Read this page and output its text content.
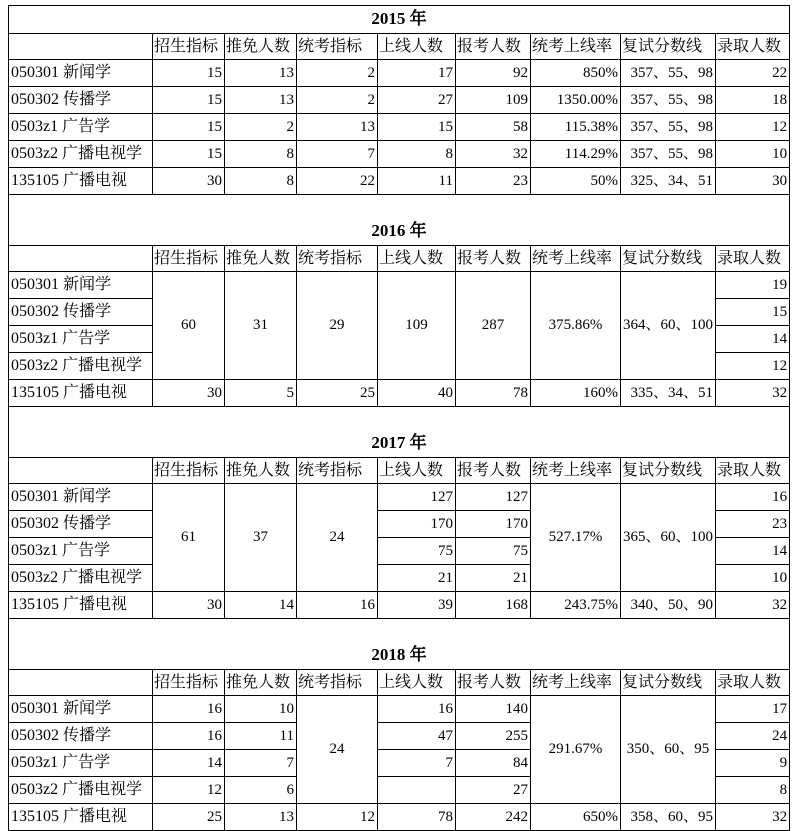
2015 年								
	招生指标	推免人数	统考指标	上线人数	报考人数	统考上线率	复试分数线	录取人数
050301 新闻学	15	13	2	17	92	850%	357、55、98	22
050302 传播学	15	13	2	27	109	1350.00%	357、55、98	18
0503z1 广告学	15	2	13	15	58	115.38%	357、55、98	12
0503z2 广播电视学	15	8	7	8	32	114.29%	357、55、98	10
135105 广播电视	30	8	22	11	23	50%	325、34、51	30
2016 年								
	招生指标	推免人数	统考指标	上线人数	报考人数	统考上线率	复试分数线	录取人数
050301 新闻学	60	31	29	109	287	375.86%	364、60、100	19
050302 传播学								15
0503z1 广告学								14
0503z2 广播电视学								12
135105 广播电视	30	5	25	40	78	160%	335、34、51	32
2017 年								
	招生指标	推免人数	统考指标	上线人数	报考人数	统考上线率	复试分数线	录取人数
050301 新闻学	61	37	24	127	127	527.17%	365、60、100	16
050302 传播学				170	170			23
0503z1 广告学				75	75			14
0503z2 广播电视学				21	21			10
135105 广播电视	30	14	16	39	168	243.75%	340、50、90	32
2018 年								
	招生指标	推免人数	统考指标	上线人数	报考人数	统考上线率	复试分数线	录取人数
050301 新闻学	16	10	24	16	140	291.67%	350、60、95	17
050302 传播学	16	11		47	255			24
0503z1 广告学	14	7		7	84			9
0503z2 广播电视学	12	6			27			8
135105 广播电视	25	13	12	78	242	650%	358、60、95	32
